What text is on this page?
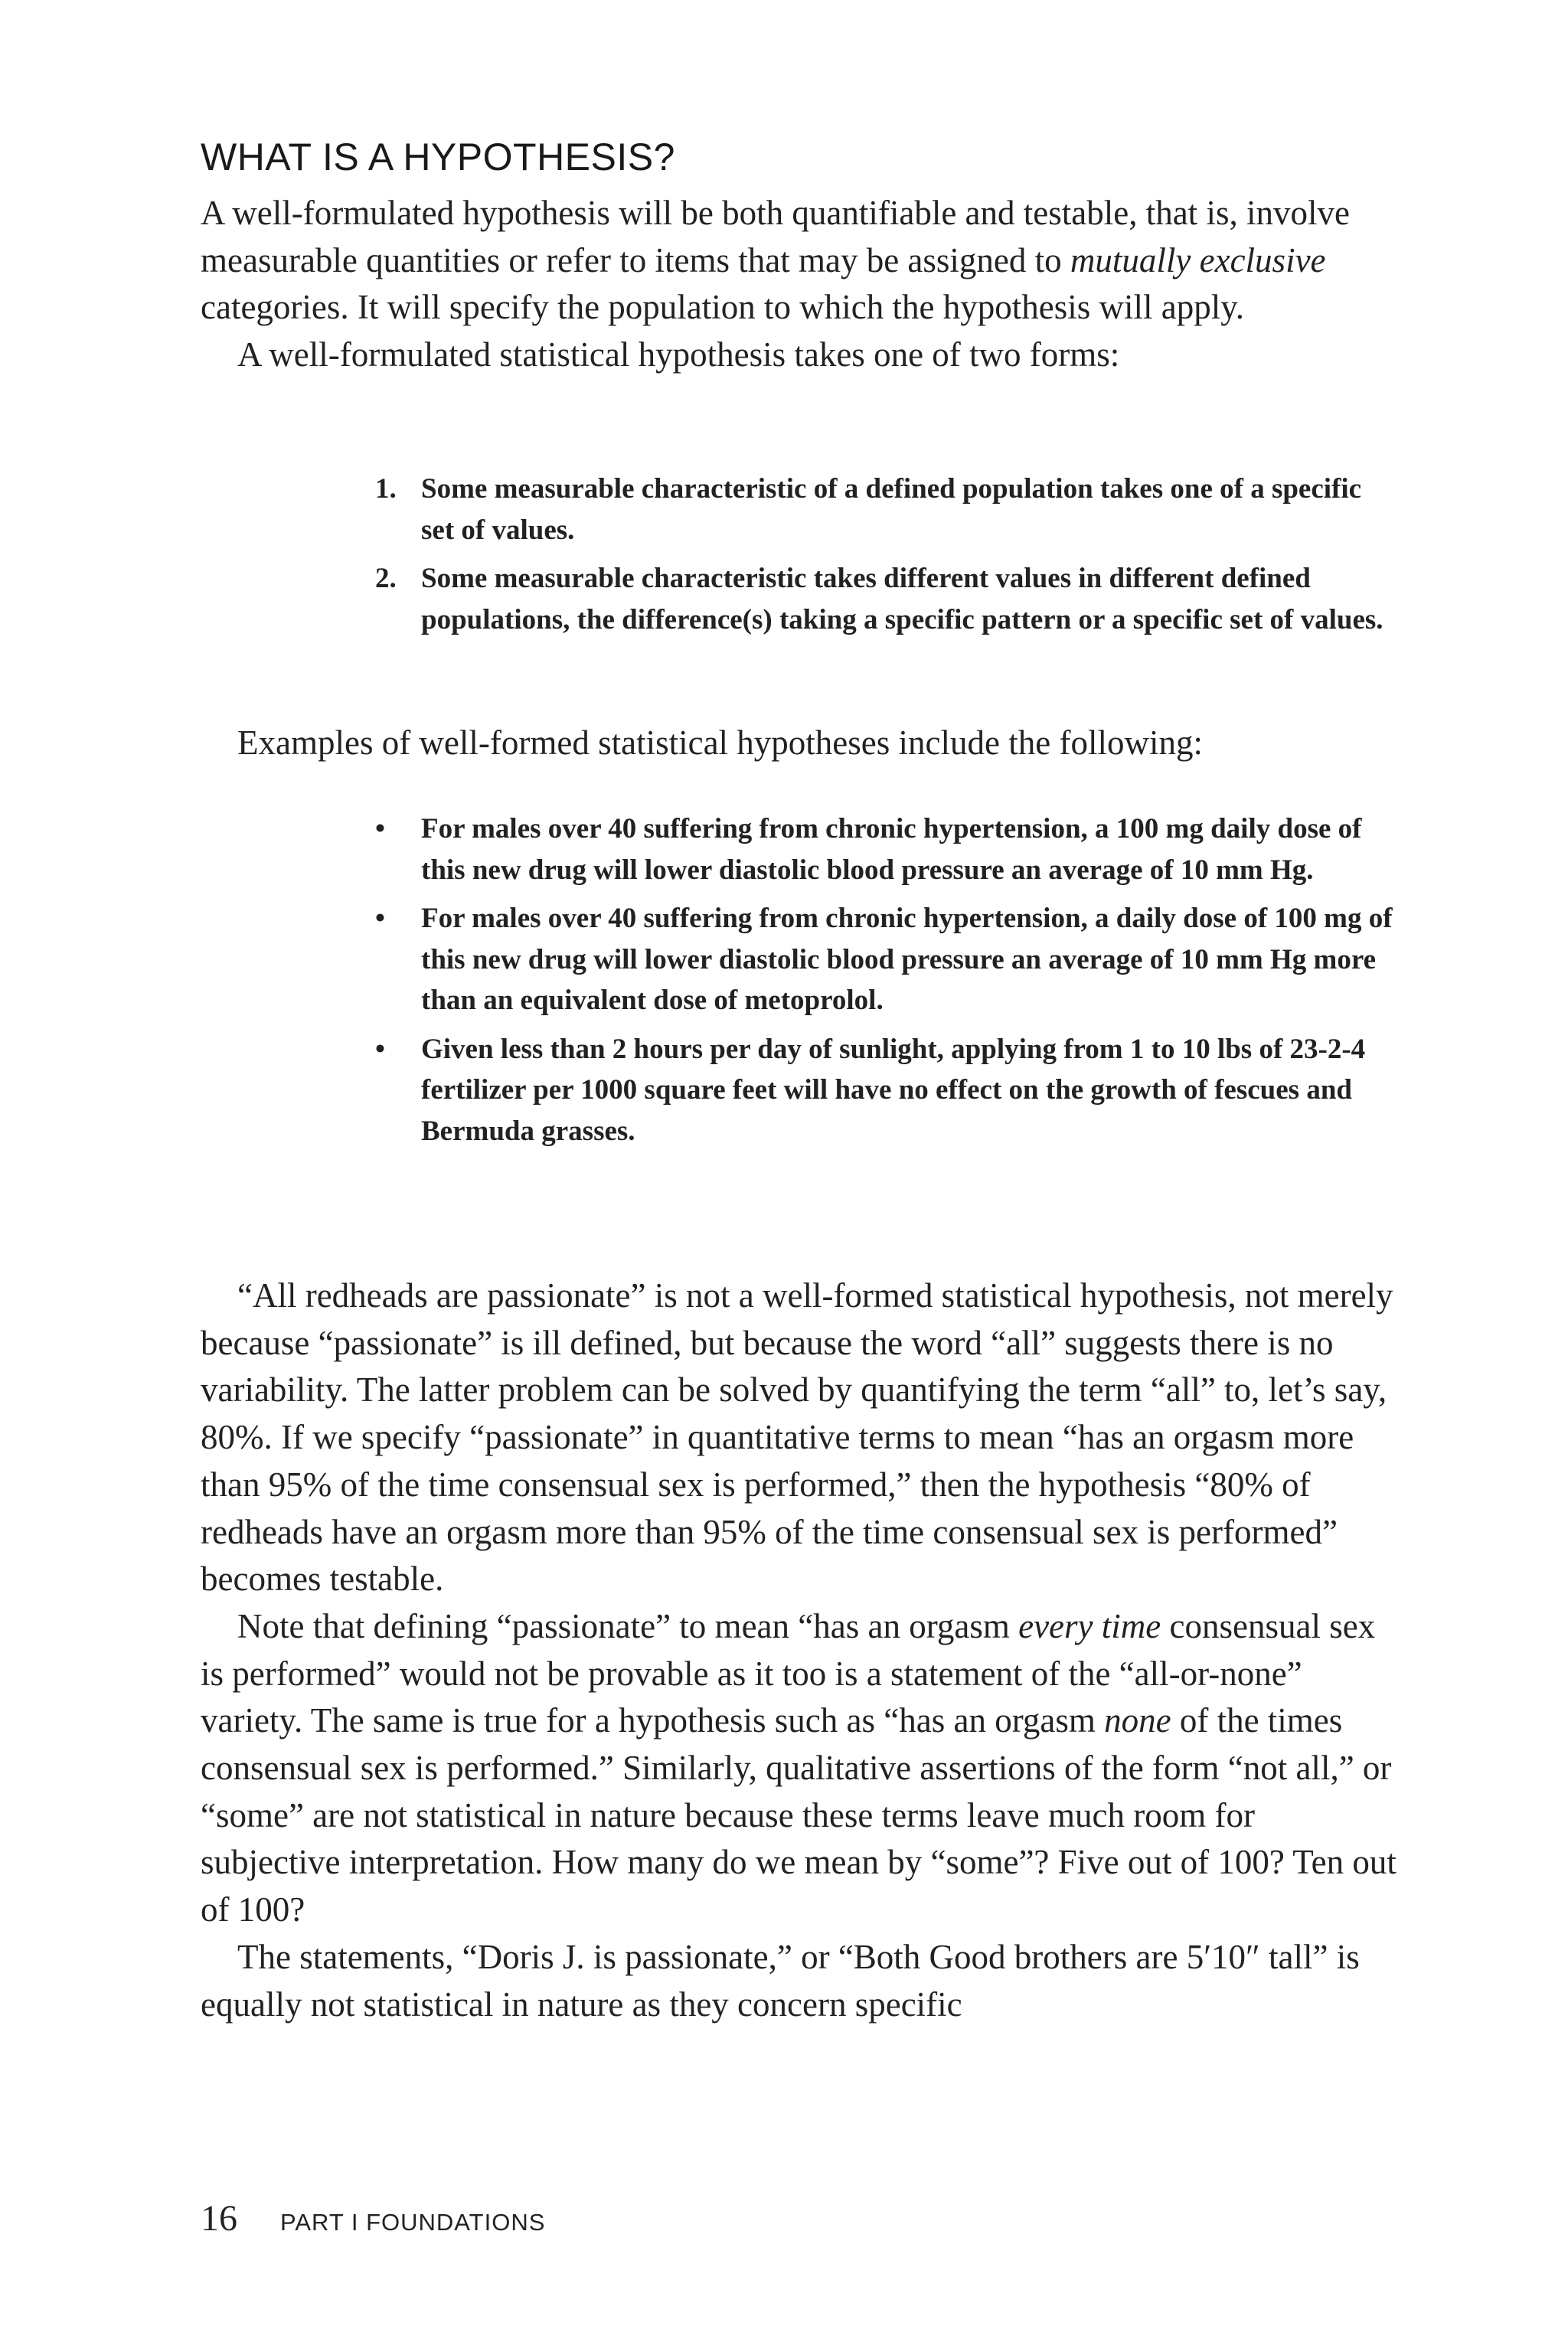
WHAT IS A HYPOTHESIS?

A well-formulated hypothesis will be both quantifiable and testable, that is, involve measurable quantities or refer to items that may be assigned to mutually exclusive categories. It will specify the population to which the hypothesis will apply.

A well-formulated statistical hypothesis takes one of two forms:

1. Some measurable characteristic of a defined population takes one of a specific set of values.
2. Some measurable characteristic takes different values in different defined populations, the difference(s) taking a specific pattern or a specific set of values.

Examples of well-formed statistical hypotheses include the following:

• For males over 40 suffering from chronic hypertension, a 100 mg daily dose of this new drug will lower diastolic blood pressure an average of 10 mm Hg.
• For males over 40 suffering from chronic hypertension, a daily dose of 100 mg of this new drug will lower diastolic blood pressure an average of 10 mm Hg more than an equivalent dose of metoprolol.
• Given less than 2 hours per day of sunlight, applying from 1 to 10 lbs of 23-2-4 fertilizer per 1000 square feet will have no effect on the growth of fescues and Bermuda grasses.

“All redheads are passionate” is not a well-formed statistical hypothesis, not merely because “passionate” is ill defined, but because the word “all” suggests there is no variability. The latter problem can be solved by quantifying the term “all” to, let’s say, 80%. If we specify “passionate” in quantitative terms to mean “has an orgasm more than 95% of the time consensual sex is performed,” then the hypothesis “80% of redheads have an orgasm more than 95% of the time consensual sex is performed” becomes testable.

Note that defining “passionate” to mean “has an orgasm every time consensual sex is performed” would not be provable as it too is a statement of the “all-or-none” variety. The same is true for a hypothesis such as “has an orgasm none of the times consensual sex is performed.” Similarly, qualitative assertions of the form “not all,” or “some” are not statistical in nature because these terms leave much room for subjective interpretation. How many do we mean by “some”? Five out of 100? Ten out of 100?

The statements, “Doris J. is passionate,” or “Both Good brothers are 5′10″ tall” is equally not statistical in nature as they concern specific

16 PART I FOUNDATIONS
